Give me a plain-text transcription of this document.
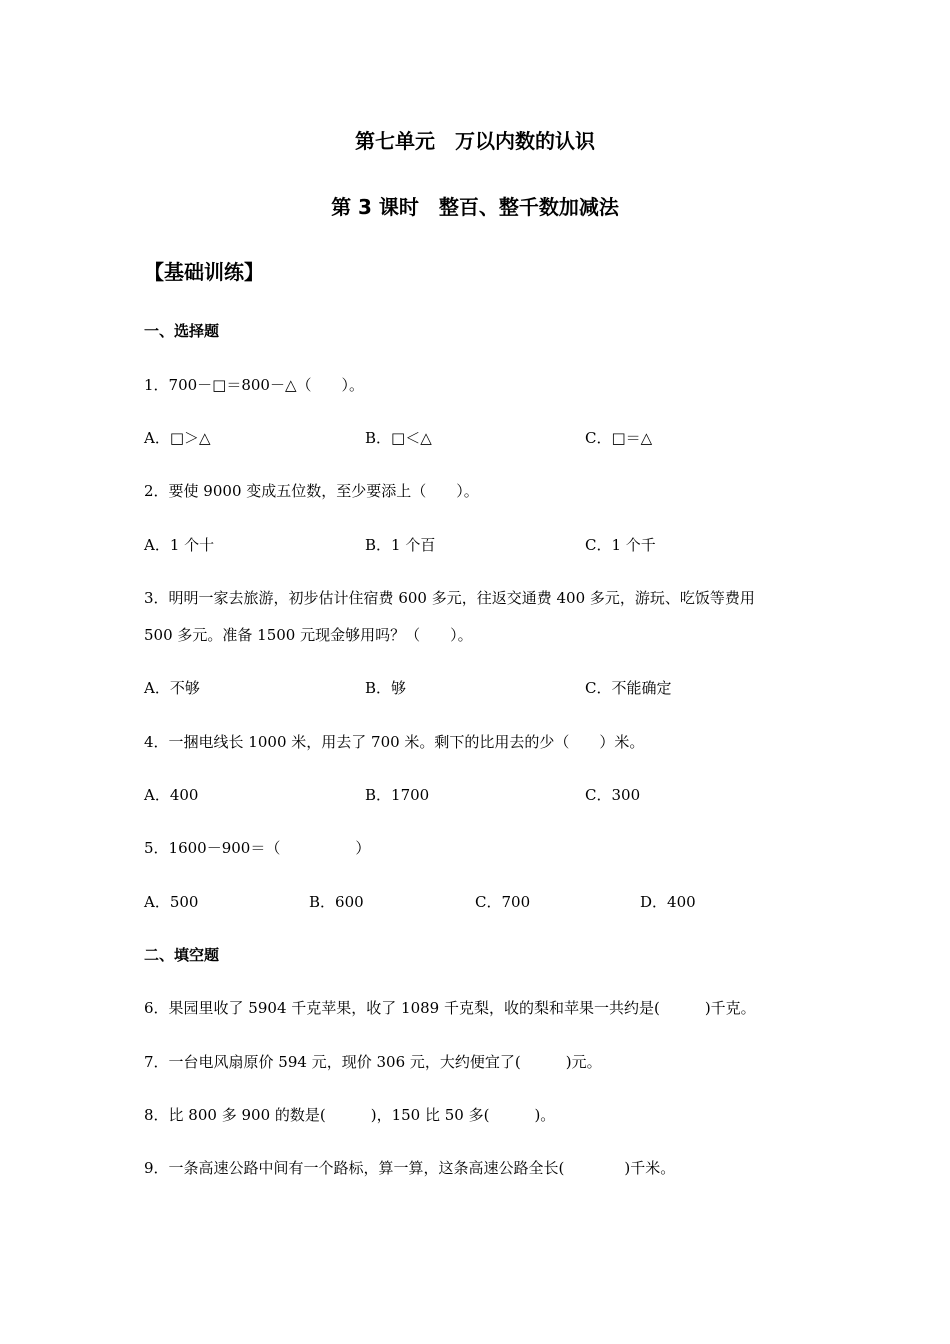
第七单元　万以内数的认识
第 3 课时　整百、整千数加减法
【基础训练】
一、选择题
1．700－□＝800－△（　　）。
A．□＞△	B．□＜△	C．□＝△
2．要使 9000 变成五位数，至少要添上（　　）。
A．1 个十	B．1 个百	C．1 个千
3．明明一家去旅游，初步估计住宿费 600 多元，往返交通费 400 多元，游玩、吃饭等费用
500 多元。准备 1500 元现金够用吗？（　　）。
A．不够	B．够	C．不能确定
4．一捆电线长 1000 米，用去了 700 米。剩下的比用去的少（　　）米。
A．400	B．1700	C．300
5．1600－900＝（　　　　　）
A．500	B．600	C．700	D．400
二、填空题
6．果园里收了 5904 千克苹果，收了 1089 千克梨，收的梨和苹果一共约是(　　　)千克。
7．一台电风扇原价 594 元，现价 306 元，大约便宜了(　　　)元。
8．比 800 多 900 的数是(　　　)，150 比 50 多(　　　)。
9．一条高速公路中间有一个路标，算一算，这条高速公路全长(　　　　)千米。
